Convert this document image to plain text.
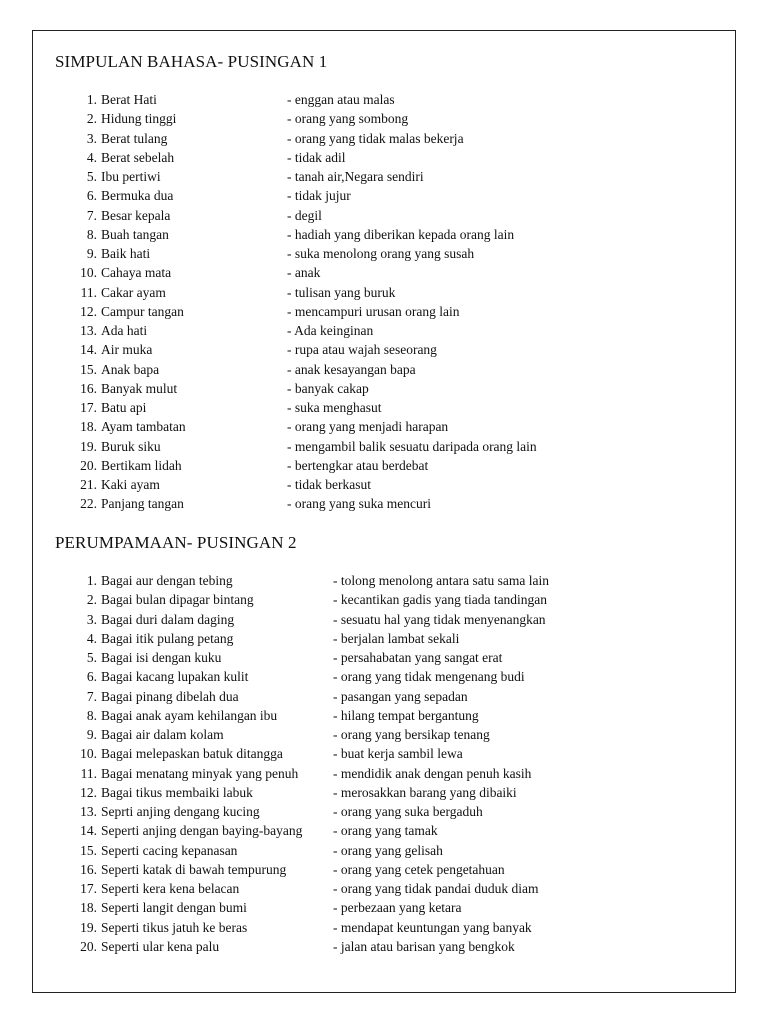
SIMPULAN BAHASA- PUSINGAN 1
1. Berat Hati	- enggan atau malas
2. Hidung tinggi	- orang yang sombong
3. Berat tulang	- orang yang tidak malas bekerja
4. Berat sebelah	- tidak adil
5. Ibu pertiwi	- tanah air,Negara sendiri
6. Bermuka dua	- tidak jujur
7. Besar kepala	- degil
8. Buah tangan	- hadiah yang diberikan kepada orang lain
9. Baik hati	- suka menolong orang yang susah
10. Cahaya mata	- anak
11. Cakar ayam	- tulisan yang buruk
12. Campur tangan	- mencampuri urusan orang lain
13. Ada hati	- Ada keinginan
14. Air muka	- rupa atau wajah seseorang
15. Anak bapa	- anak kesayangan bapa
16. Banyak mulut	- banyak cakap
17. Batu api	- suka menghasut
18. Ayam tambatan	- orang yang menjadi harapan
19. Buruk siku	- mengambil balik sesuatu daripada orang lain
20. Bertikam lidah	- bertengkar atau berdebat
21. Kaki ayam	- tidak berkasut
22. Panjang tangan	- orang yang suka mencuri
PERUMPAMAAN- PUSINGAN 2
1. Bagai aur dengan tebing	- tolong menolong antara satu sama lain
2. Bagai bulan dipagar bintang	- kecantikan gadis yang tiada tandingan
3. Bagai duri dalam daging	- sesuatu hal yang tidak menyenangkan
4. Bagai itik pulang petang	- berjalan lambat sekali
5. Bagai isi dengan kuku	- persahabatan yang sangat erat
6. Bagai kacang lupakan kulit	- orang yang tidak mengenang budi
7. Bagai pinang dibelah dua	- pasangan yang sepadan
8. Bagai anak ayam kehilangan ibu	- hilang tempat bergantung
9. Bagai air dalam kolam	- orang yang bersikap tenang
10. Bagai melepaskan batuk ditangga	- buat kerja sambil lewa
11. Bagai menatang minyak yang penuh	- mendidik anak dengan penuh kasih
12. Bagai tikus membaiki labuk	- merosakkan barang yang dibaiki
13. Seprti anjing dengang kucing	- orang yang suka bergaduh
14. Seperti anjing dengan baying-bayang - orang yang tamak
15. Seperti cacing kepanasan	- orang yang gelisah
16. Seperti katak di bawah tempurung	- orang yang cetek pengetahuan
17. Seperti kera kena belacan	- orang yang tidak pandai duduk diam
18. Seperti langit dengan bumi	- perbezaan yang ketara
19. Seperti tikus jatuh ke beras	- mendapat keuntungan yang banyak
20. Seperti ular kena palu	- jalan atau barisan yang bengkok
